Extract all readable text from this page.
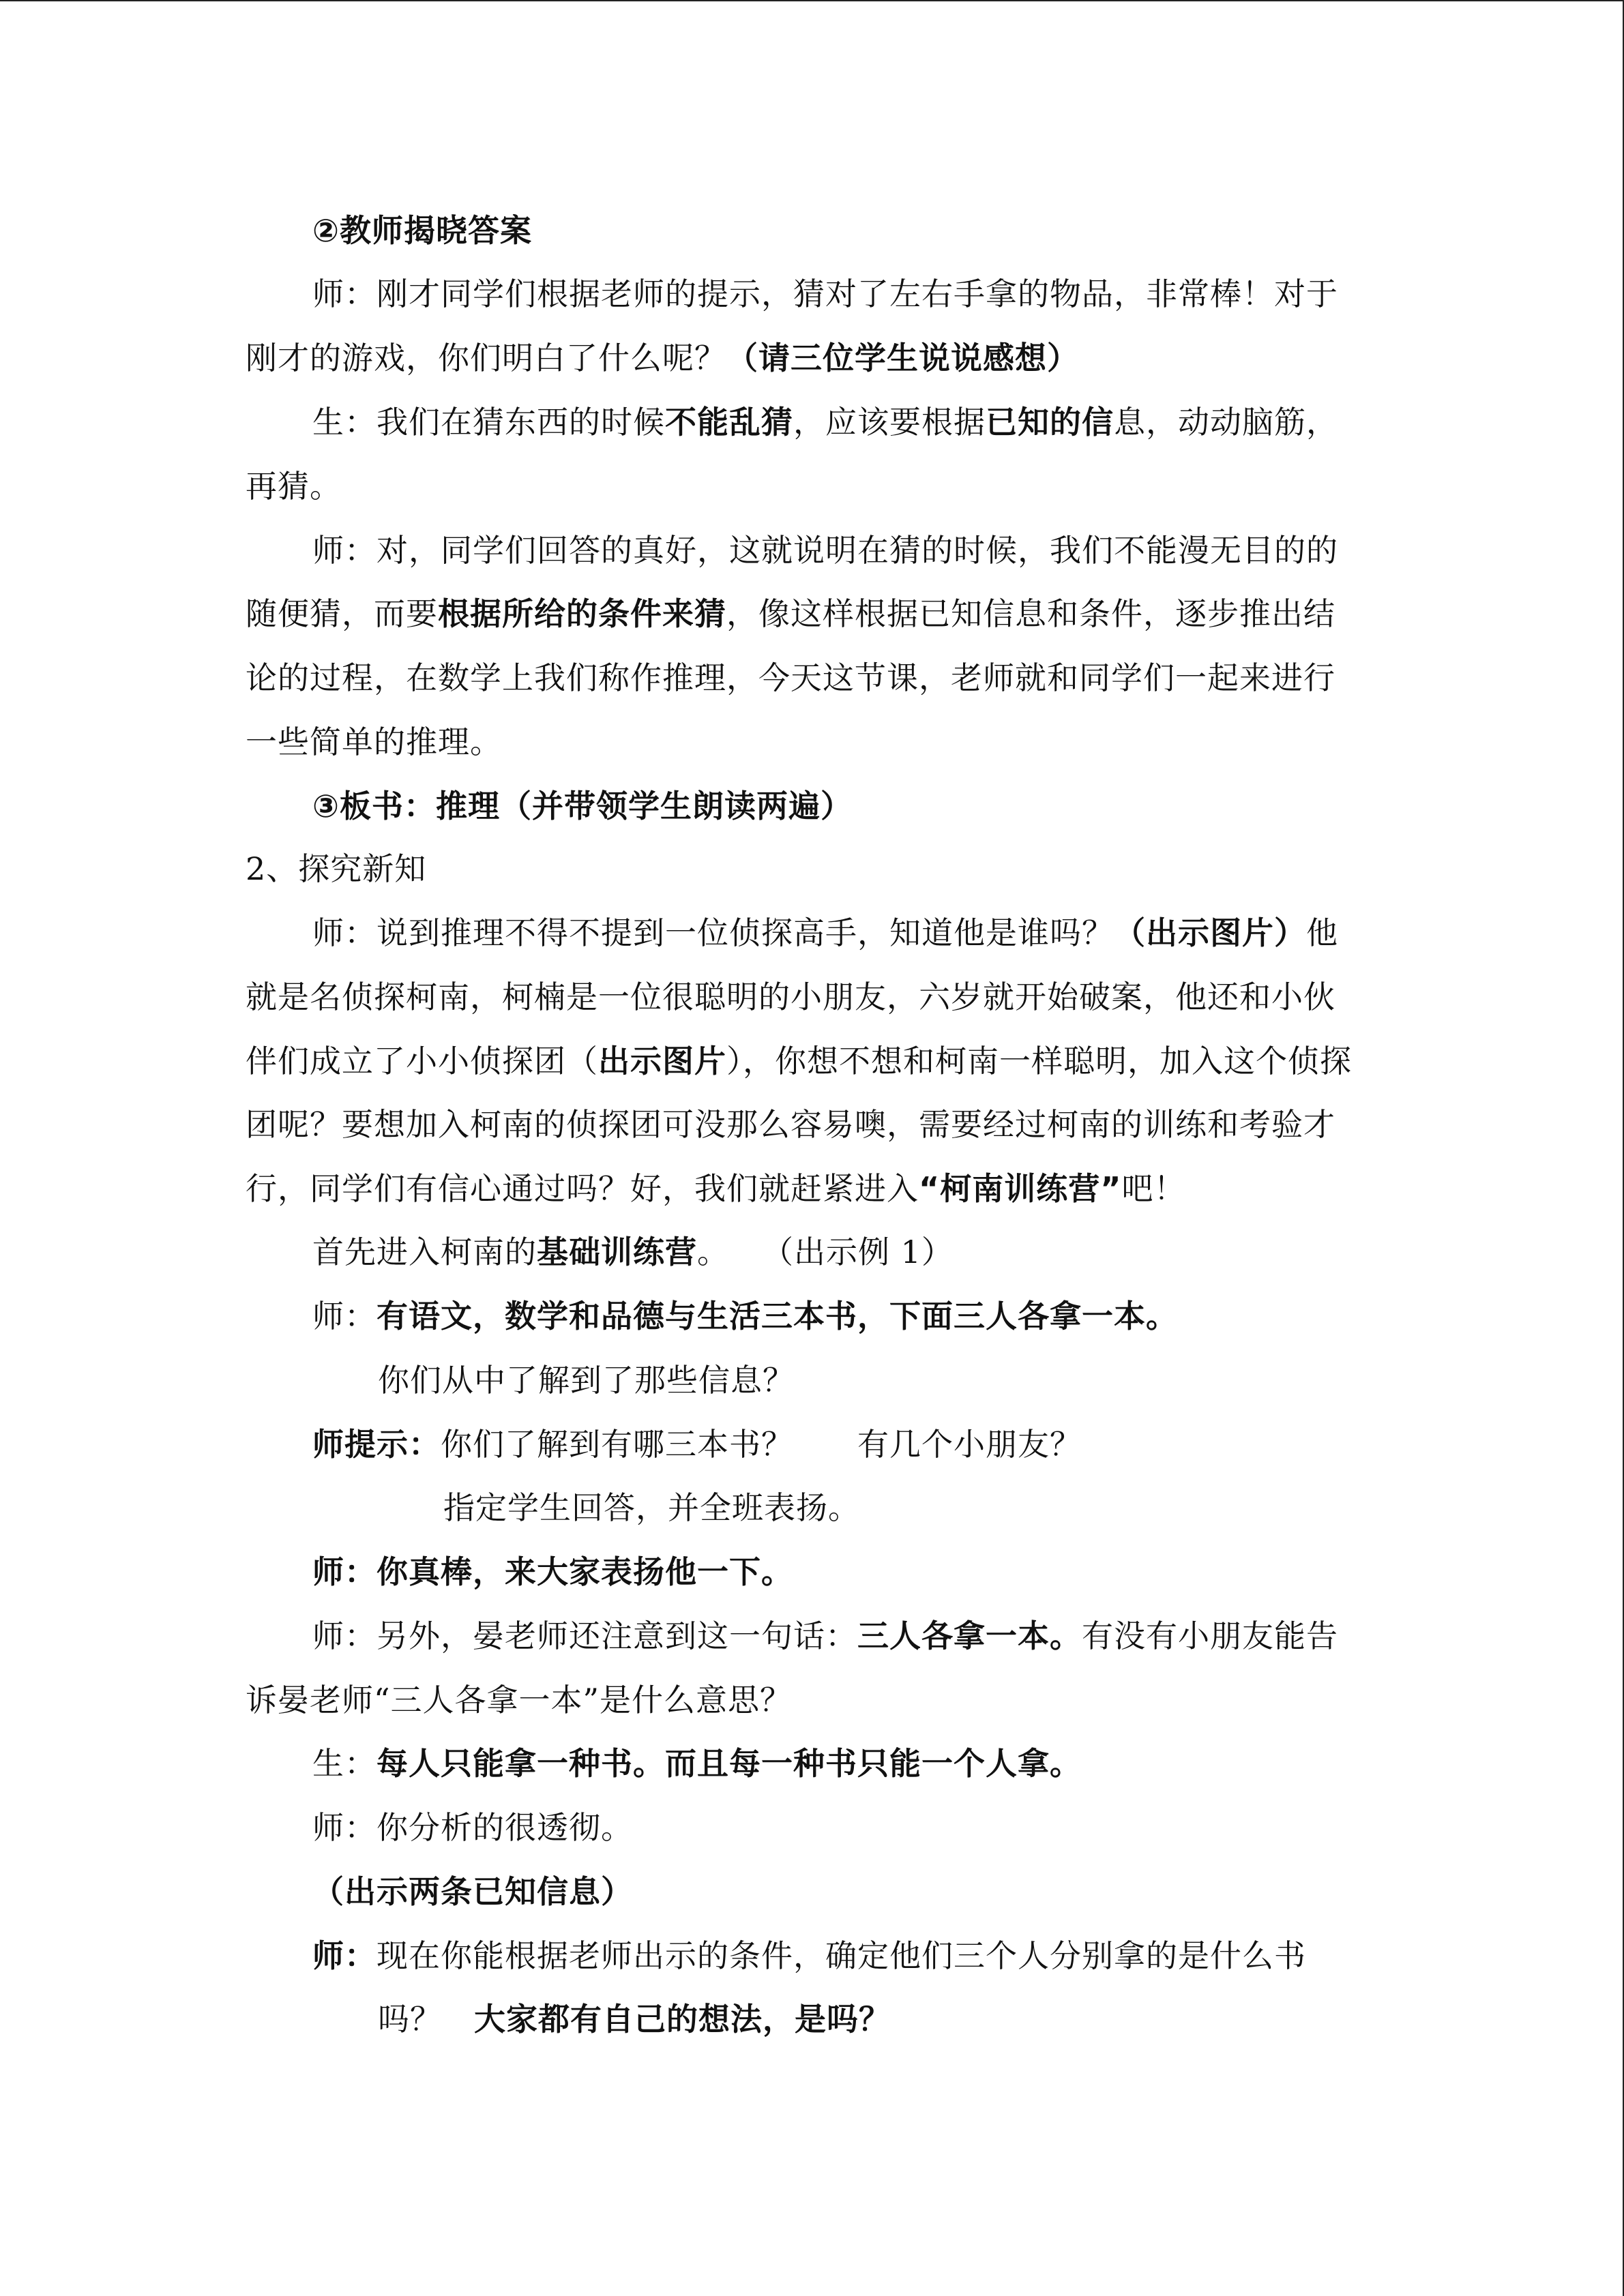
②教师揭晓答案
师：刚才同学们根据老师的提示，猜对了左右手拿的物品，非常棒！对于
刚才的游戏，你们明白了什么呢？（请三位学生说说感想）
生：我们在猜东西的时候不能乱猜，应该要根据已知的信息，动动脑筋，
再猜。
师：对，同学们回答的真好，这就说明在猜的时候，我们不能漫无目的的
随便猜，而要根据所给的条件来猜，像这样根据已知信息和条件，逐步推出结
论的过程，在数学上我们称作推理，今天这节课，老师就和同学们一起来进行
一些简单的推理。
③板书：推理（并带领学生朗读两遍）
2、探究新知
师：说到推理不得不提到一位侦探高手，知道他是谁吗？（出示图片）他
就是名侦探柯南，柯楠是一位很聪明的小朋友，六岁就开始破案，他还和小伙
伴们成立了小小侦探团（出示图片），你想不想和柯南一样聪明，加入这个侦探
团呢？要想加入柯南的侦探团可没那么容易噢，需要经过柯南的训练和考验才
行，同学们有信心通过吗？好，我们就赶紧进入“柯南训练营”吧！
首先进入柯南的基础训练营。　　（出示例 1）
师：有语文，数学和品德与生活三本书，下面三人各拿一本。
你们从中了解到了那些信息？
师提示：你们了解到有哪三本书？　　有几个小朋友？
指定学生回答，并全班表扬。
师：你真棒，来大家表扬他一下。
师：另外，晏老师还注意到这一句话：三人各拿一本。有没有小朋友能告
诉晏老师“三人各拿一本”是什么意思？
生：每人只能拿一种书。而且每一种书只能一个人拿。
师：你分析的很透彻。
（出示两条已知信息）
师：现在你能根据老师出示的条件，确定他们三个人分别拿的是什么书
吗？　大家都有自己的想法，是吗？
